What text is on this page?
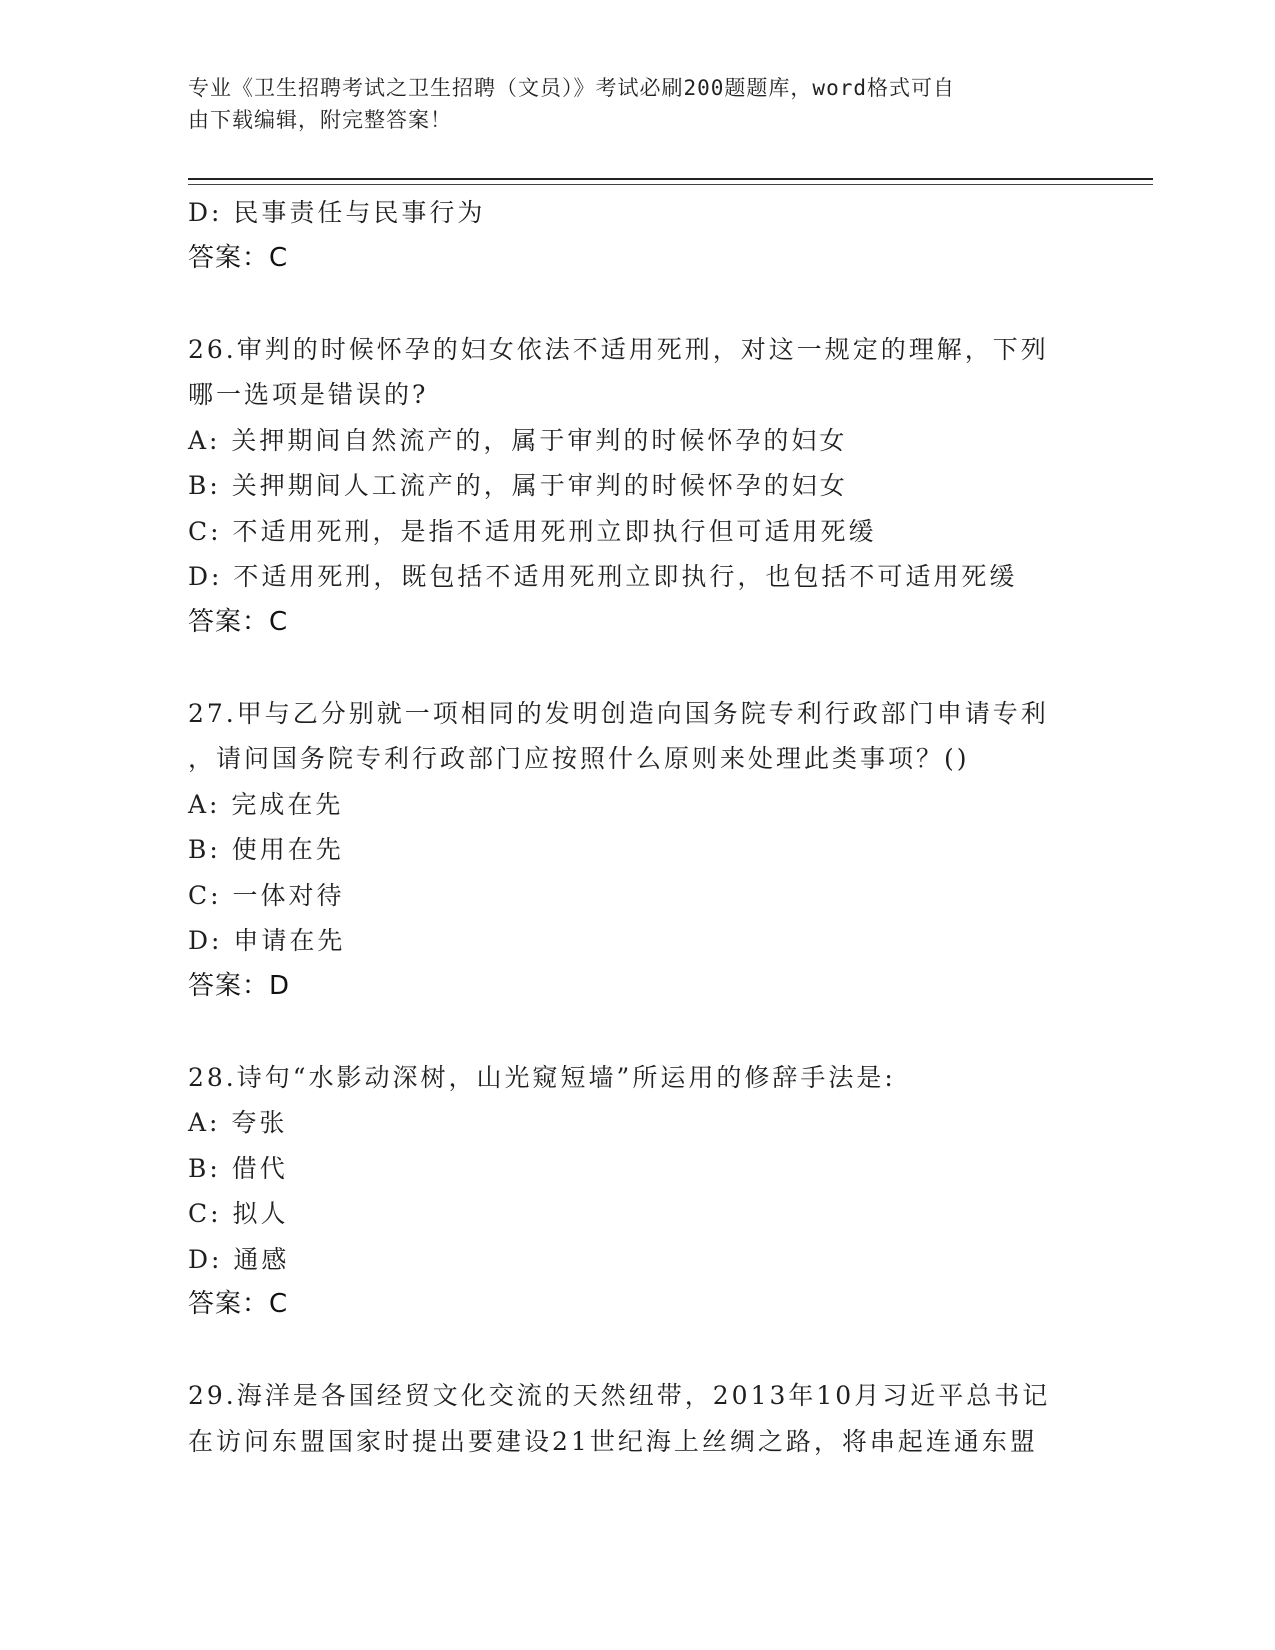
专业《卫生招聘考试之卫生招聘（文员）》考试必刷200题题库，word格式可自
由下载编辑，附完整答案！
D: 民事责任与民事行为
答案：C
26.审判的时候怀孕的妇女依法不适用死刑，对这一规定的理解，下列
哪一选项是错误的?
A: 关押期间自然流产的，属于审判的时候怀孕的妇女
B: 关押期间人工流产的，属于审判的时候怀孕的妇女
C: 不适用死刑，是指不适用死刑立即执行但可适用死缓
D: 不适用死刑，既包括不适用死刑立即执行，也包括不可适用死缓
答案：C
27.甲与乙分别就一项相同的发明创造向国务院专利行政部门申请专利
，请问国务院专利行政部门应按照什么原则来处理此类事项？()
A: 完成在先
B: 使用在先
C: 一体对待
D: 申请在先
答案：D
28.诗句“水影动深树，山光窥短墙”所运用的修辞手法是:
A: 夸张
B: 借代
C: 拟人
D: 通感
答案：C
29.海洋是各国经贸文化交流的天然纽带，2013年10月习近平总书记
在访问东盟国家时提出要建设21世纪海上丝绸之路，将串起连通东盟
